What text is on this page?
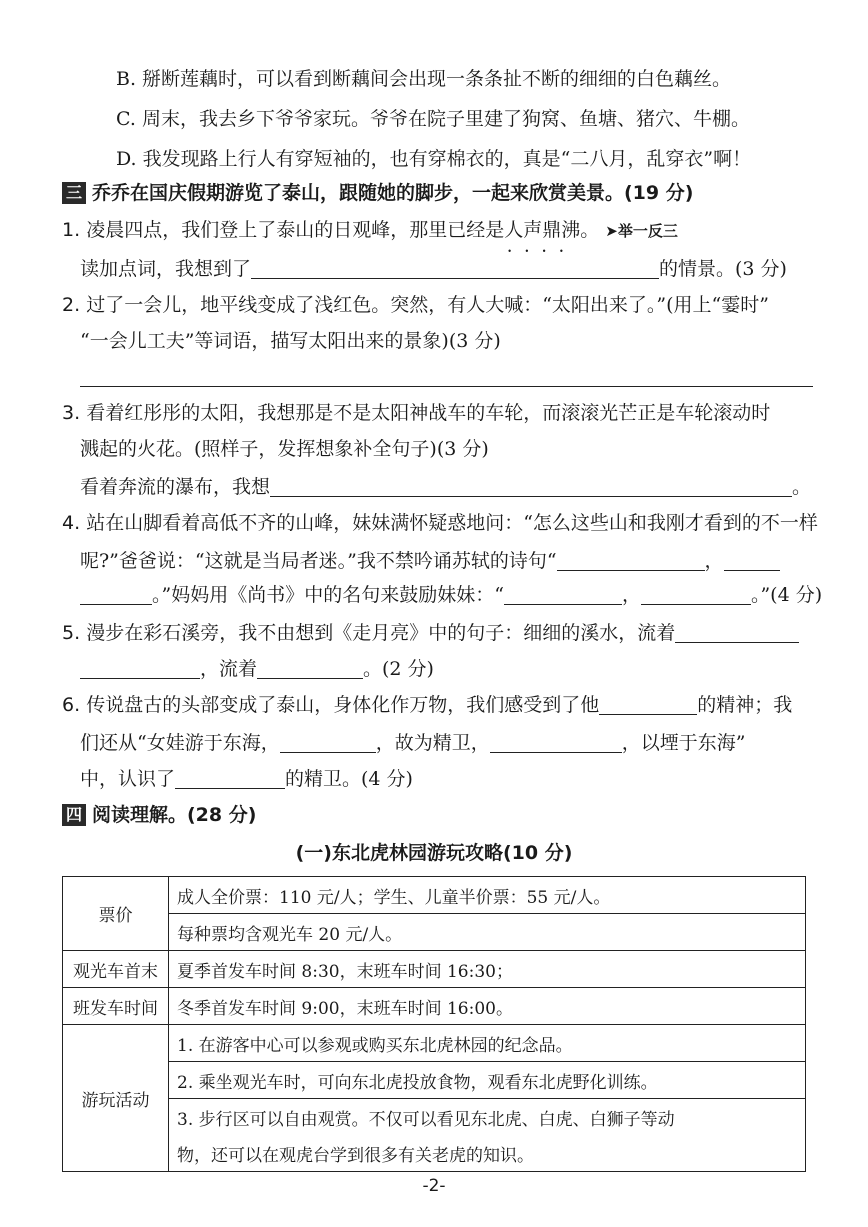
B. 掰断莲藕时，可以看到断藕间会出现一条条扯不断的细细的白色藕丝。
C. 周末，我去乡下爷爷家玩。爷爷在院子里建了狗窝、鱼塘、猪穴、牛棚。
D. 我发现路上行人有穿短袖的，也有穿棉衣的，真是“二八月，乱穿衣”啊！
三 乔乔在国庆假期游览了泰山，跟随她的脚步，一起来欣赏美景。(19 分)
1. 凌晨四点，我们登上了泰山的日观峰，那里已经是人声鼎沸 • • • •。 ➤举一反三
读加点词，我想到了	的情景。(3 分)
2. 过了一会儿，地平线变成了浅红色。突然，有人大喊：“太阳出来了。”(用上“霎时”
“一会儿工夫”等词语，描写太阳出来的景象)(3 分)
3. 看着红彤彤的太阳，我想那是不是太阳神战车的车轮，而滚滚光芒正是车轮滚动时
溅起的火花。(照样子，发挥想象补全句子)(3 分)
看着奔流的瀑布，我想	。
4. 站在山脚看着高低不齐的山峰，妹妹满怀疑惑地问：“怎么这些山和我刚才看到的不一样
呢?”爸爸说：“这就是当局者迷。”我不禁吟诵苏轼的诗句“	，
。”妈妈用《尚书》中的名句来鼓励妹妹：“	，	。”(4 分)
5. 漫步在彩石溪旁，我不由想到《走月亮》中的句子：细细的溪水，流着
，流着	。(2 分)
6. 传说盘古的头部变成了泰山，身体化作万物，我们感受到了他	的精神；我
们还从“女娃游于东海，	，故为精卫，	，以堙于东海”
中，认识了	的精卫。(4 分)
四 阅读理解。(28 分)
(一)东北虎林园游玩攻略(10 分)
票价	成人全价票：110 元/人；学生、儿童半价票：55 元/人。
	每种票均含观光车 20 元/人。
观光车首末	夏季首发车时间 8:30，末班车时间 16:30；
班发车时间	冬季首发车时间 9:00，末班车时间 16:00。
游玩活动	1. 在游客中心可以参观或购买东北虎林园的纪念品。
	2. 乘坐观光车时，可向东北虎投放食物，观看东北虎野化训练。
	3. 步行区可以自由观赏。不仅可以看见东北虎、白虎、白狮子等动
	物，还可以在观虎台学到很多有关老虎的知识。
-2-
